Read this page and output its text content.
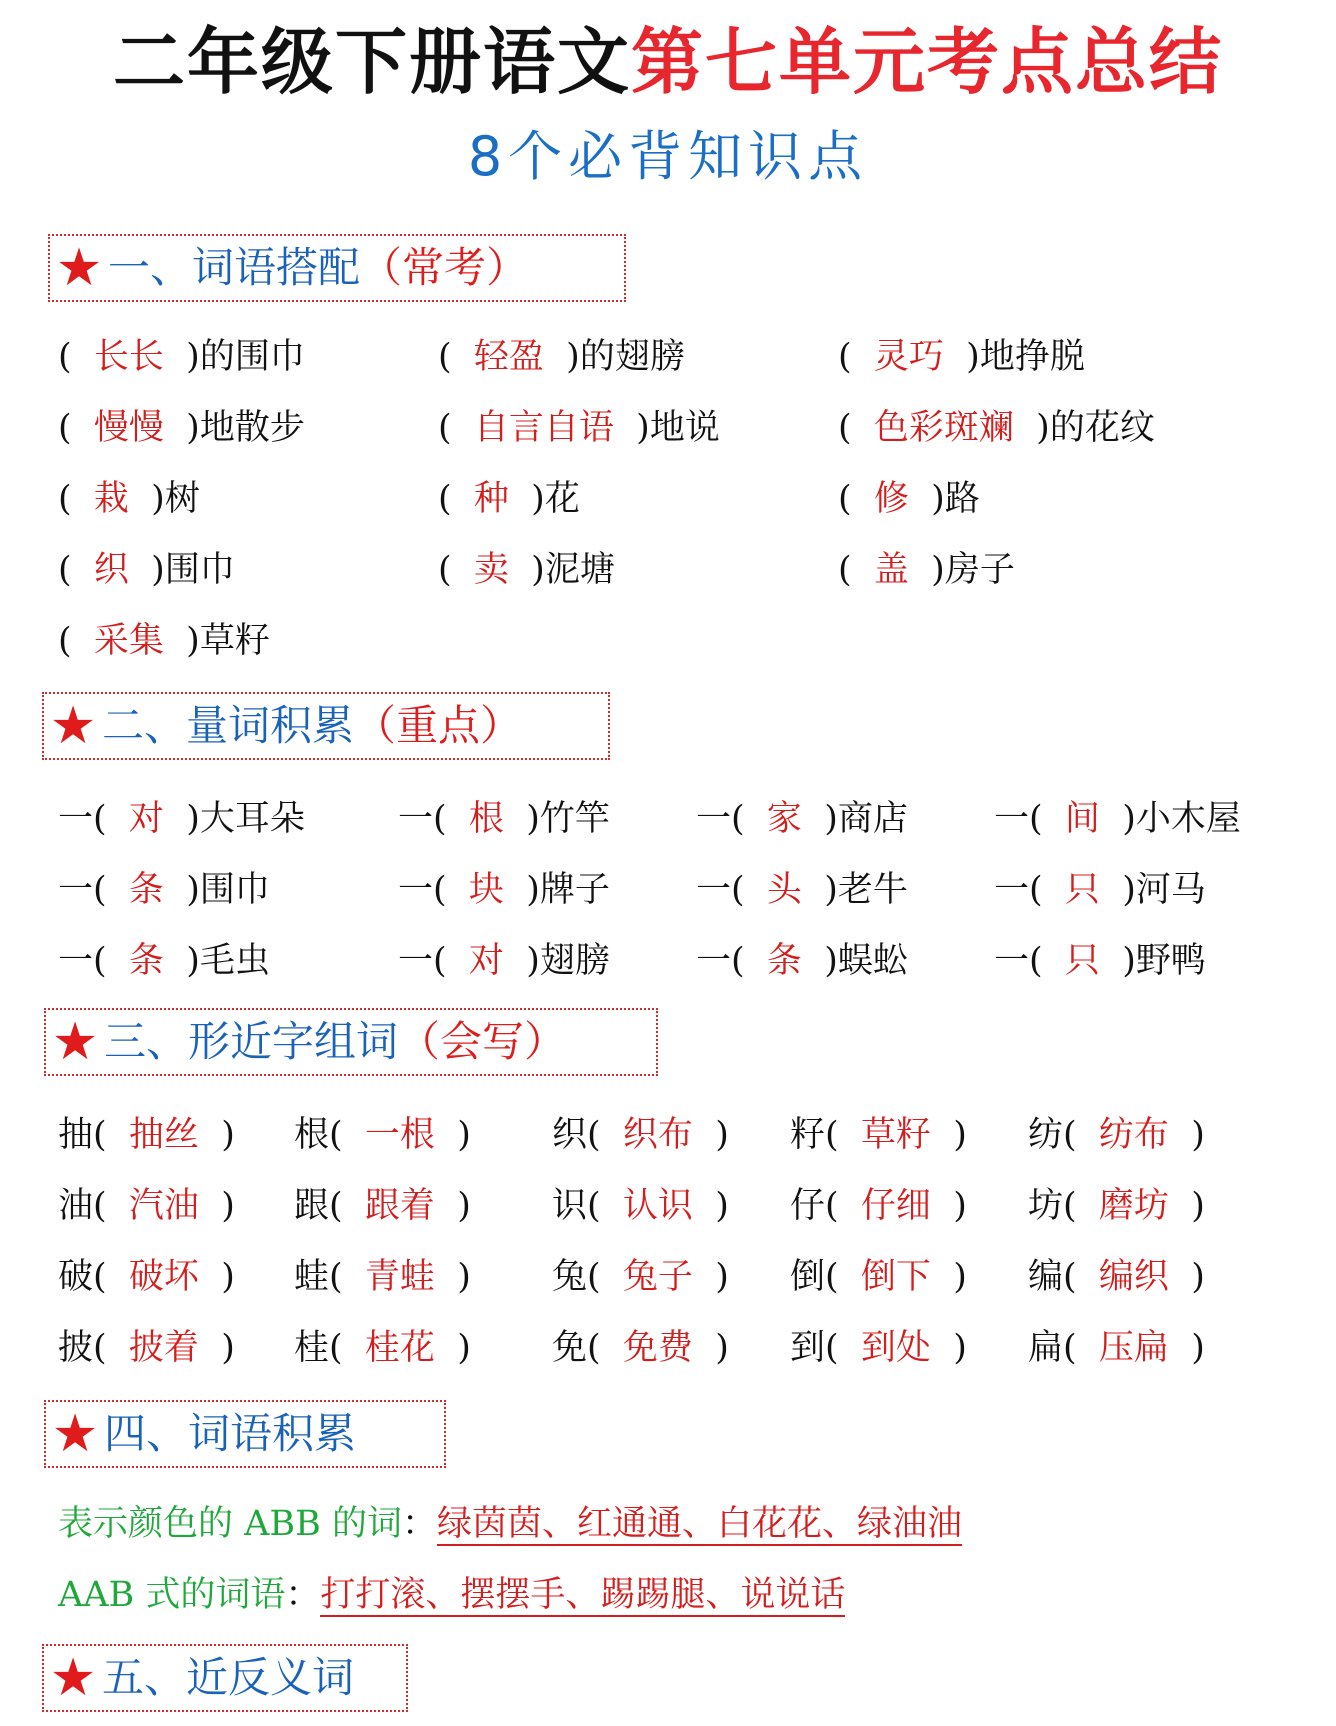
二年级下册语文第七单元考点总结
8个必背知识点
★ 一、词语搭配（常考）
(  长长  )的围巾	(  轻盈  )的翅膀	(  灵巧  )地挣脱
(  慢慢  )地散步	(  自言自语  )地说	(  色彩斑斓  )的花纹
(  栽  )树	(  种  )花	(  修  )路
(  织  )围巾	(  卖  )泥塘	(  盖  )房子
(  采集  )草籽
★ 二、量词积累（重点）
一(  对  )大耳朵	一(  根  )竹竿 一(  家  )商店 一(  间  )小木屋
一(  条  )围巾	一(  块  )牌子 一(  头  )老牛 一(  只  )河马
一(  条  )毛虫	一(  对  )翅膀 一(  条  )蜈蚣 一(  只  )野鸭
★ 三、形近字组词（会写）
抽(  抽丝  ) 根(  一根  ) 织(  织布  ) 籽(  草籽  ) 纺(  纺布  )
油(  汽油  ) 跟(  跟着  ) 识(  认识  ) 仔(  仔细  ) 坊(  磨坊  )
破(  破坏  ) 蛙(  青蛙  ) 兔(  兔子  ) 倒(  倒下  ) 编(  编织  )
披(  披着  ) 桂(  桂花  ) 免(  免费  ) 到(  到处  ) 扁(  压扁  )
★ 四、词语积累
表示颜色的 ABB 的词：绿茵茵、红通通、白花花、绿油油
AAB 式的词语：打打滚、摆摆手、踢踢腿、说说话
★ 五、近反义词
